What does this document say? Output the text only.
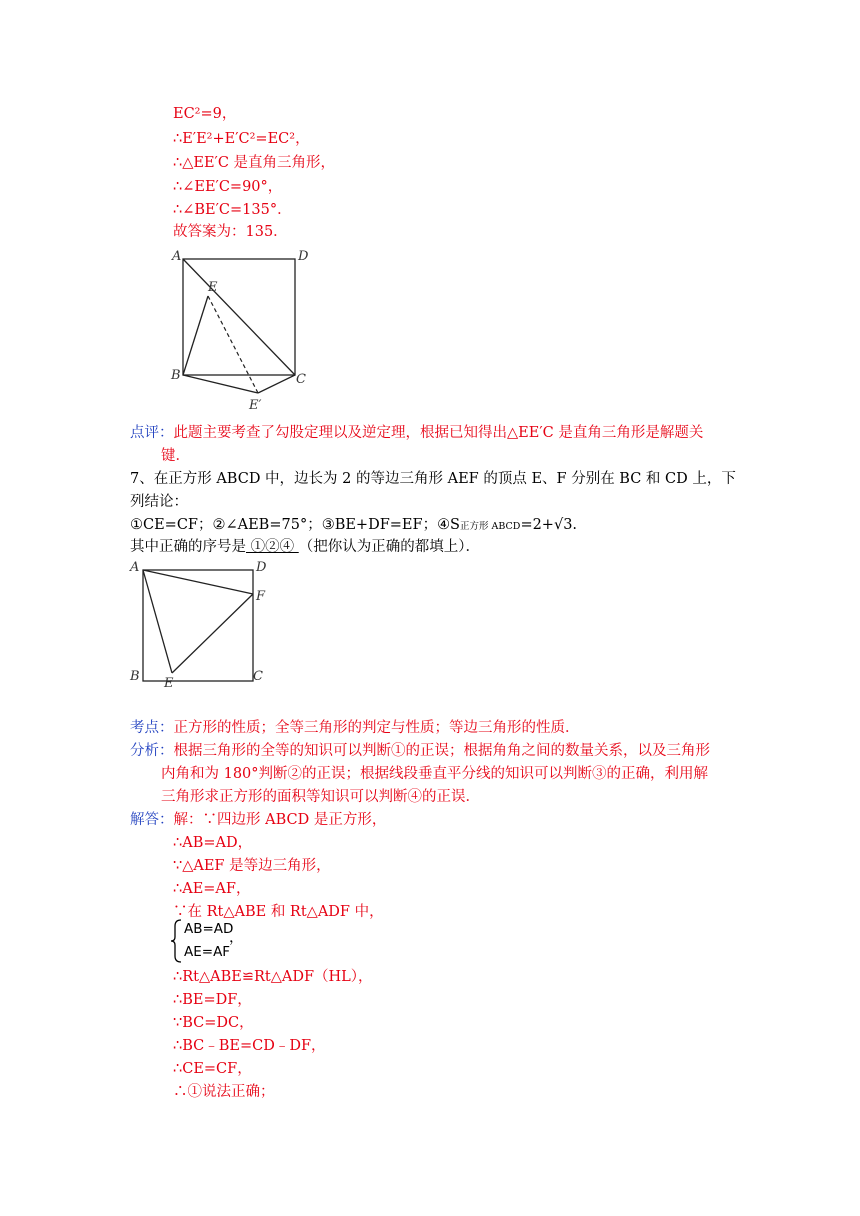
EC²=9，
∴E′E²+E′C²=EC²，
∴△EE′C 是直角三角形，
∴∠EE′C=90°，
∴∠BE′C=135°．
故答案为：135．
A	D
E
B	C
E′
点评：此题主要考查了勾股定理以及逆定理，根据已知得出△EE′C 是直角三角形是解题关
键．
7、在正方形 ABCD 中，边长为 2 的等边三角形 AEF 的顶点 E、F 分别在 BC 和 CD 上，下
列结论：
①CE=CF；②∠AEB=75°；③BE+DF=EF；④S正方形 ABCD=2+√3.
其中正确的序号是 ①②④ （把你认为正确的都填上）．
A	D
F
B E	C
考点：正方形的性质；全等三角形的判定与性质；等边三角形的性质．
分析：根据三角形的全等的知识可以判断①的正误；根据角角之间的数量关系，以及三角形
内角和为 180°判断②的正误；根据线段垂直平分线的知识可以判断③的正确，利用解
三角形求正方形的面积等知识可以判断④的正误．
解答：解：∵四边形 ABCD 是正方形，
∴AB=AD，
∵△AEF 是等边三角形，
∴AE=AF，
∵在 Rt△ABE 和 Rt△ADF 中，
AB=AD
AE=AF
，
∴Rt△ABE≌Rt△ADF（HL），
∴BE=DF，
∵BC=DC，
∴BC﹣BE=CD﹣DF，
∴CE=CF，
∴①说法正确；
